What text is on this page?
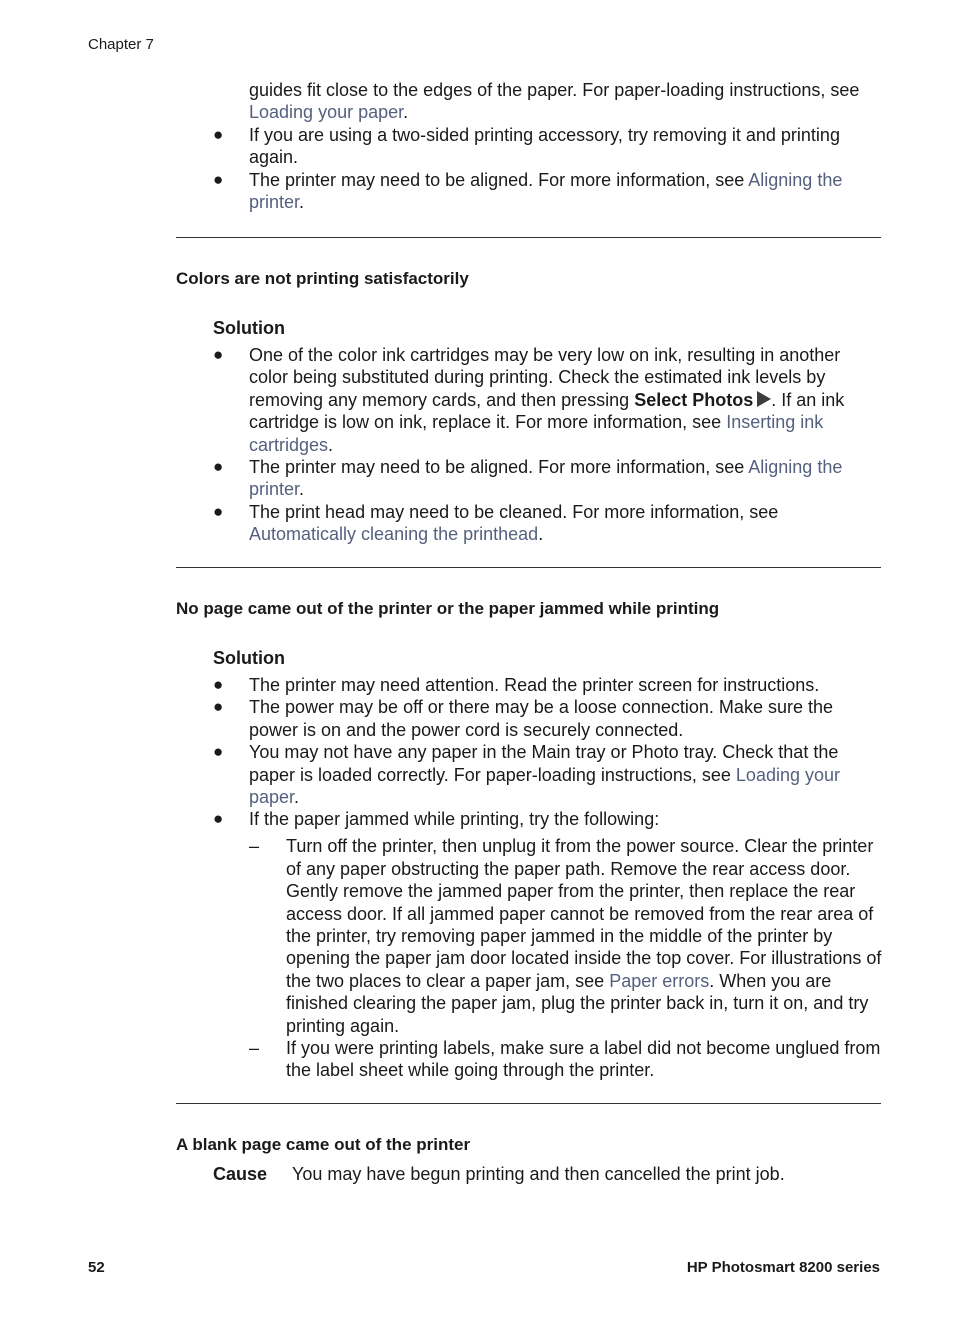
Chapter 7
guides fit close to the edges of the paper. For paper-loading instructions, see Loading your paper.
● If you are using a two-sided printing accessory, try removing it and printing again.
● The printer may need to be aligned. For more information, see Aligning the printer.
Colors are not printing satisfactorily
Solution
● One of the color ink cartridges may be very low on ink, resulting in another color being substituted during printing. Check the estimated ink levels by removing any memory cards, and then pressing Select Photos . If an ink cartridge is low on ink, replace it. For more information, see Inserting ink cartridges.
● The printer may need to be aligned. For more information, see Aligning the printer.
● The print head may need to be cleaned. For more information, see Automatically cleaning the printhead.
No page came out of the printer or the paper jammed while printing
Solution
● The printer may need attention. Read the printer screen for instructions.
● The power may be off or there may be a loose connection. Make sure the power is on and the power cord is securely connected.
● You may not have any paper in the Main tray or Photo tray. Check that the paper is loaded correctly. For paper-loading instructions, see Loading your paper.
● If the paper jammed while printing, try the following:
– Turn off the printer, then unplug it from the power source. Clear the printer of any paper obstructing the paper path. Remove the rear access door. Gently remove the jammed paper from the printer, then replace the rear access door. If all jammed paper cannot be removed from the rear area of the printer, try removing paper jammed in the middle of the printer by opening the paper jam door located inside the top cover. For illustrations of the two places to clear a paper jam, see Paper errors. When you are finished clearing the paper jam, plug the printer back in, turn it on, and try printing again.
– If you were printing labels, make sure a label did not become unglued from the label sheet while going through the printer.
A blank page came out of the printer
Cause You may have begun printing and then cancelled the print job.
52	HP Photosmart 8200 series
